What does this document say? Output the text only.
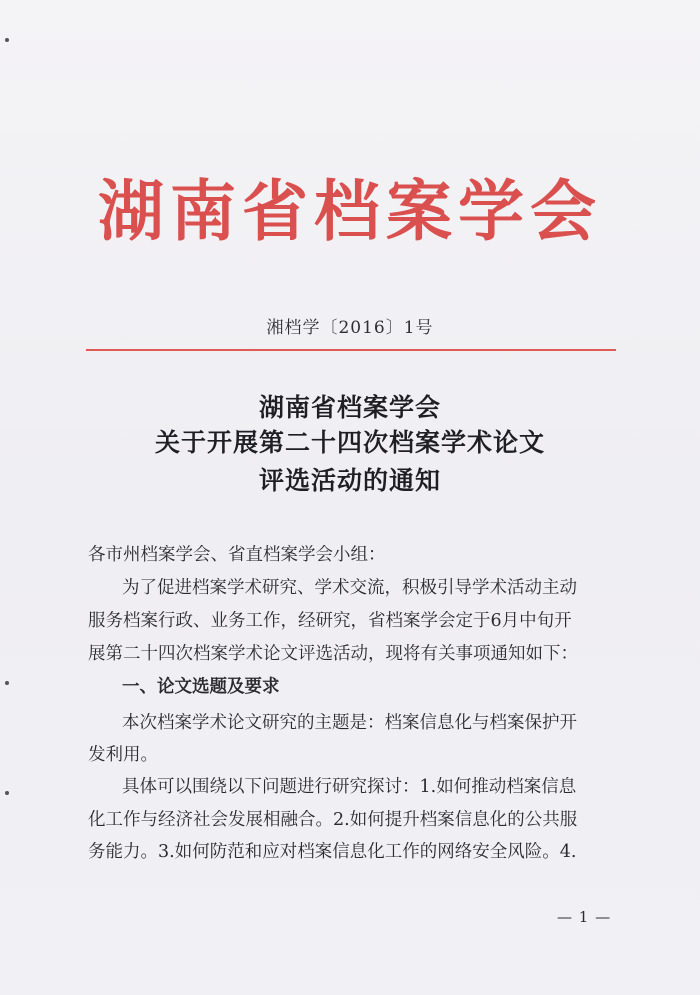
湖南省档案学会
湘档学〔2016〕1号
湖南省档案学会
关于开展第二十四次档案学术论文
评选活动的通知
各市州档案学会、省直档案学会小组：
为了促进档案学术研究、学术交流，积极引导学术活动主动
服务档案行政、业务工作，经研究，省档案学会定于6月中旬开
展第二十四次档案学术论文评选活动，现将有关事项通知如下：
一、论文选题及要求
本次档案学术论文研究的主题是：档案信息化与档案保护开
发利用。
具体可以围绕以下问题进行研究探讨：1.如何推动档案信息
化工作与经济社会发展相融合。2.如何提升档案信息化的公共服
务能力。3.如何防范和应对档案信息化工作的网络安全风险。4.
— 1 —
